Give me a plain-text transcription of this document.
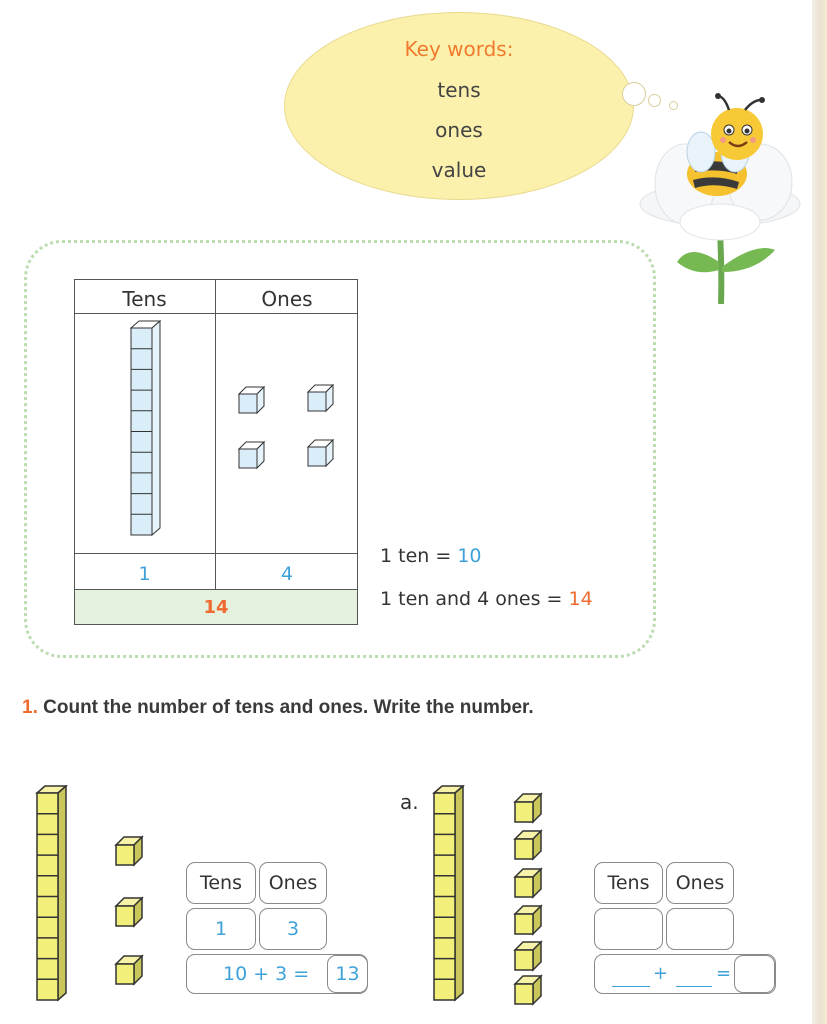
Key words:
tens
ones
value
Tens	Ones
1	4
14
1 ten = 10
1 ten and 4 ones = 14
1. Count the number of tens and ones. Write the number.
Tens	Ones
1	3
10 + 3 =	13
a.
Tens	Ones
+	=
